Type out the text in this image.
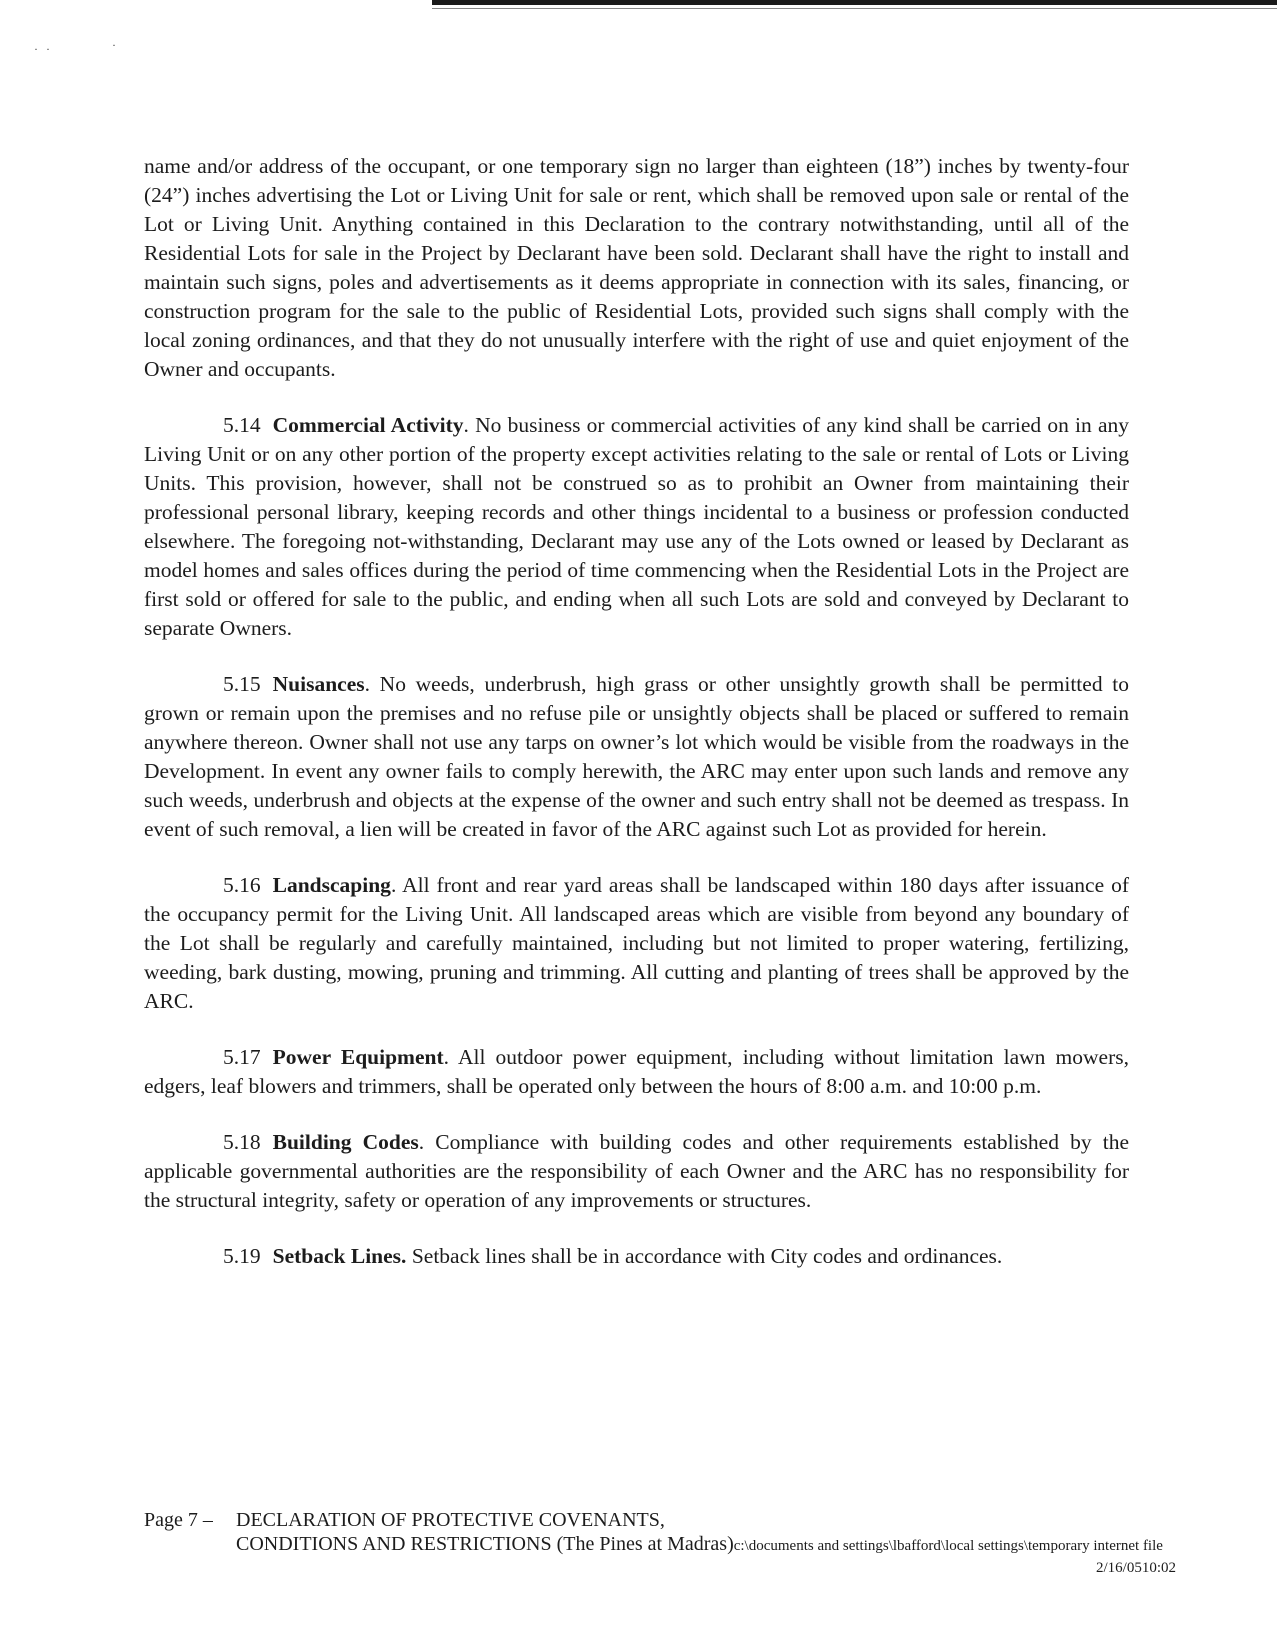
· ·	·

name and/or address of the occupant, or one temporary sign no larger than eighteen (18”) inches by twenty-four (24”) inches advertising the Lot or Living Unit for sale or rent, which shall be removed upon sale or rental of the Lot or Living Unit. Anything contained in this Declaration to the contrary notwithstanding, until all of the Residential Lots for sale in the Project by Declarant have been sold. Declarant shall have the right to install and maintain such signs, poles and advertisements as it deems appropriate in connection with its sales, financing, or construction program for the sale to the public of Residential Lots, provided such signs shall comply with the local zoning ordinances, and that they do not unusually interfere with the right of use and quiet enjoyment of the Owner and occupants.

5.14 Commercial Activity. No business or commercial activities of any kind shall be carried on in any Living Unit or on any other portion of the property except activities relating to the sale or rental of Lots or Living Units. This provision, however, shall not be construed so as to prohibit an Owner from maintaining their professional personal library, keeping records and other things incidental to a business or profession conducted elsewhere. The foregoing not-withstanding, Declarant may use any of the Lots owned or leased by Declarant as model homes and sales offices during the period of time commencing when the Residential Lots in the Project are first sold or offered for sale to the public, and ending when all such Lots are sold and conveyed by Declarant to separate Owners.

5.15 Nuisances. No weeds, underbrush, high grass or other unsightly growth shall be permitted to grown or remain upon the premises and no refuse pile or unsightly objects shall be placed or suffered to remain anywhere thereon. Owner shall not use any tarps on owner’s lot which would be visible from the roadways in the Development. In event any owner fails to comply herewith, the ARC may enter upon such lands and remove any such weeds, underbrush and objects at the expense of the owner and such entry shall not be deemed as trespass. In event of such removal, a lien will be created in favor of the ARC against such Lot as provided for herein.

5.16 Landscaping. All front and rear yard areas shall be landscaped within 180 days after issuance of the occupancy permit for the Living Unit. All landscaped areas which are visible from beyond any boundary of the Lot shall be regularly and carefully maintained, including but not limited to proper watering, fertilizing, weeding, bark dusting, mowing, pruning and trimming. All cutting and planting of trees shall be approved by the ARC.

5.17 Power Equipment. All outdoor power equipment, including without limitation lawn mowers, edgers, leaf blowers and trimmers, shall be operated only between the hours of 8:00 a.m. and 10:00 p.m.

5.18 Building Codes. Compliance with building codes and other requirements established by the applicable governmental authorities are the responsibility of each Owner and the ARC has no responsibility for the structural integrity, safety or operation of any improvements or structures.

5.19 Setback Lines. Setback lines shall be in accordance with City codes and ordinances.

Page 7 – DECLARATION OF PROTECTIVE COVENANTS,
CONDITIONS AND RESTRICTIONS (The Pines at Madras)c:\documents and settings\lbafford\local settings\temporary internet file
2/16/0510:02
